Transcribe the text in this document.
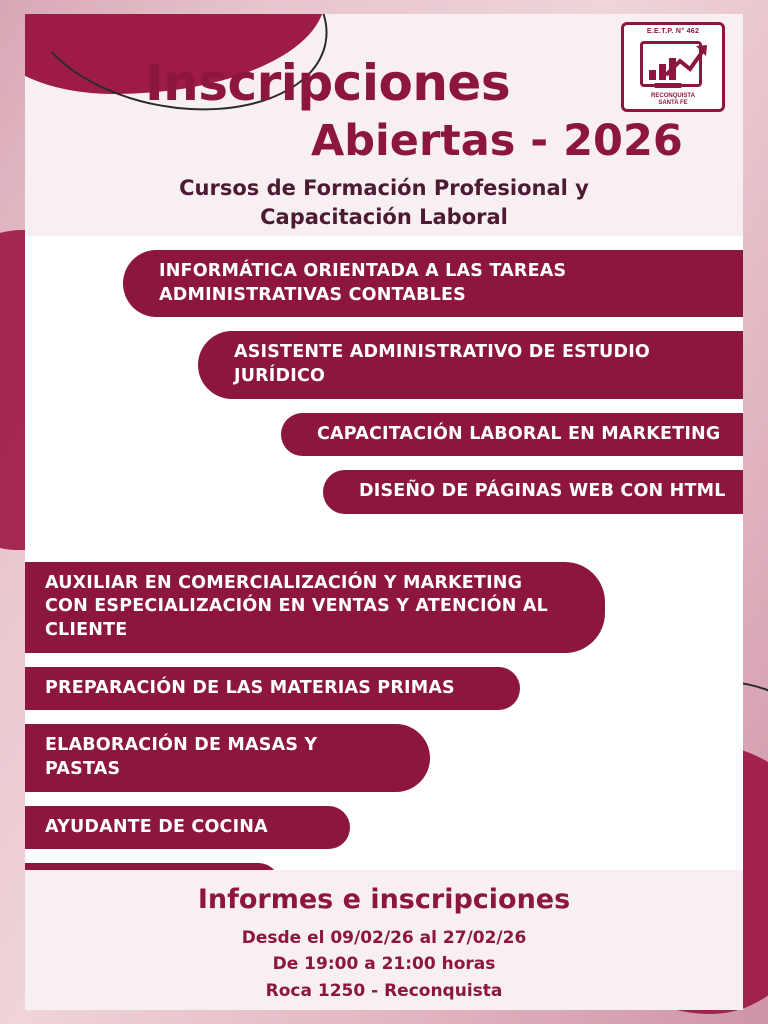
Inscripciones
Abiertas - 2026
Cursos de Formación Profesional y
Capacitación Laboral
E.E.T.P. N° 462
RECONQUISTA
SANTA FE
INFORMÁTICA ORIENTADA A LAS TAREAS ADMINISTRATIVAS CONTABLES
ASISTENTE ADMINISTRATIVO DE ESTUDIO JURÍDICO
CAPACITACIÓN LABORAL EN MARKETING
DISEÑO DE PÁGINAS WEB CON HTML
AUXILIAR EN COMERCIALIZACIÓN Y MARKETING CON ESPECIALIZACIÓN EN VENTAS Y ATENCIÓN AL CLIENTE
PREPARACIÓN DE LAS MATERIAS PRIMAS
ELABORACIÓN DE MASAS Y PASTAS
AYUDANTE DE COCINA
Informes e inscripciones
Desde el 09/02/26 al 27/02/26
De 19:00 a 21:00 horas
Roca 1250 - Reconquista
